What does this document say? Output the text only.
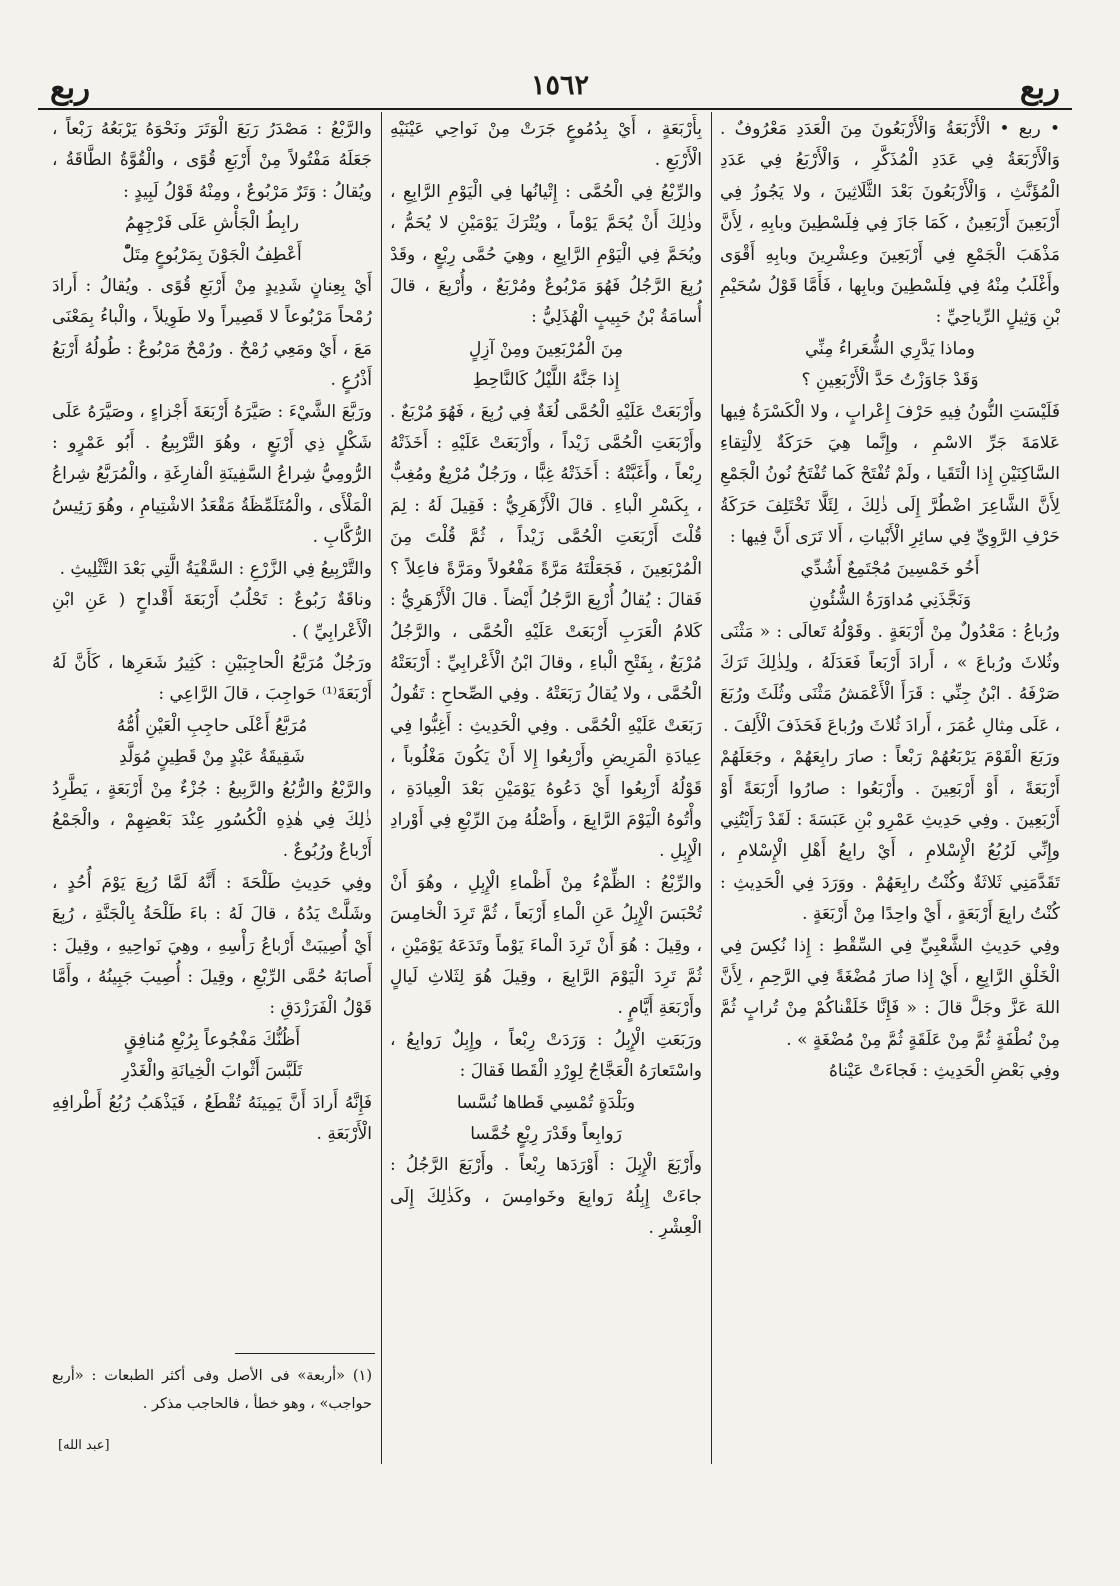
ربع
١٥٦٢
ربع

• ربع • الْأَرْبَعَةُ وَالْأَرْبَعُونَ مِنَ الْعَدَدِ مَعْرُوفٌ . وَالْأَرْبَعَةُ فِي عَدَدِ الْمُذَكَّرِ ، وَالْأَرْبَعُ فِي عَدَدِ الْمُؤَنَّثِ ، وَالْأَرْبَعُونَ بَعْدَ الثَّلَاثِينَ ، ولا يَجُوزُ فِي أَرْبَعِينَ أَرْبَعِينُ ، كَمَا جَازَ فِي فِلَسْطِينَ وبابِهِ ، لِأَنَّ مَذْهَبَ الْجَمْعِ فِي أَرْبَعِينَ وعِشْرِينَ وبابِهِ أَقْوَى وأَغْلَبُ مِنْهُ فِي فِلَسْطِينَ وبابِها ، فَأَمَّا قَوْلُ سُحَيْمِ بْنِ وَثِيلٍ الرِّياحِيِّ :

وماذا يَدَّرِي الشُّعَراءُ مِنِّي

وَقَدْ جَاوَزْتُ حَدَّ الْأَرْبَعِينِ ؟

فَلَيْسَتِ النُّونُ فِيهِ حَرْفَ إِعْرابٍ ، ولا الْكَسْرَةُ فِيها عَلامَةَ جَرِّ الاسْمِ ، وإِنَّما هِيَ حَرَكَةٌ لِالْتِقاءِ السَّاكِنَيْنِ إِذا الْتَقَيا ، ولَمْ تُفْتَحْ كَما تُفْتَحُ نُونُ الْجَمْعِ لِأَنَّ الشَّاعِرَ اضْطُرَّ إِلَى ذٰلِكَ ، لِئَلَّا تَخْتَلِفَ حَرَكَةُ حَرْفِ الرَّوِيِّ فِي سائِرِ الْأَبْياتِ ، أَلا تَرَى أَنَّ فِيها :

أَخُو خَمْسِينَ مُجْتَمِعٌ أَشُدِّي

وَنَجَّذَنِي مُداوَرَةُ الشُّئُونِ

ورُباعُ : مَعْدُولٌ مِنْ أَرْبَعَةٍ . وقَوْلُهُ تَعالَى : « مَثْنَى وثُلاثَ ورُباعَ » ، أَرادَ أَرْبَعاً فَعَدَلَهُ ، ولِذٰلِكَ تَرَكَ صَرْفَهُ . ابْنُ جِنِّي : قَرَأَ الْأَعْمَشُ مَثْنَى وثُلَثَ ورُبَعَ ، عَلَى مِثالِ عُمَرَ ، أَرادَ ثُلاثَ ورُباعَ فَحَذَفَ الْأَلِفَ .

ورَبَعَ الْقَوْمَ يَرْبَعُهُمْ رَبْعاً : صارَ رابِعَهُمْ ، وجَعَلَهُمْ أَرْبَعَةً ، أَوْ أَرْبَعِينَ . وأَرْبَعُوا : صارُوا أَرْبَعَةً أَوْ أَرْبَعِينَ . وفِي حَدِيثِ عَمْرِو بْنِ عَبَسَةَ : لَقَدْ رَأَيْتُنِي وإِنِّي لَرُبُعُ الْإِسْلامِ ، أَيْ رابِعُ أَهْلِ الْإِسْلامِ ، تَقَدَّمَنِي ثَلاثَةٌ وكُنْتُ رابِعَهُمْ . ووَرَدَ فِي الْحَدِيثِ : كُنْتُ رابِعَ أَرْبَعَةٍ ، أَيْ واحِدًا مِنْ أَرْبَعَةٍ .

وفِي حَدِيثِ الشَّعْبِيِّ فِي السِّقْطِ : إِذا نُكِسَ فِي الْخَلْقِ الرَّابِعِ ، أَيْ إِذا صارَ مُضْغَةً فِي الرَّحِمِ ، لِأَنَّ اللهَ عَزَّ وجَلَّ قالَ : « فَإِنَّا خَلَقْناكُمْ مِنْ تُرابٍ ثُمَّ مِنْ نُطْفَةٍ ثُمَّ مِنْ عَلَقَةٍ ثُمَّ مِنْ مُضْغَةٍ » .

وفِي بَعْضِ الْحَدِيثِ : فَجاءَتْ عَيْناهُ

بِأَرْبَعَةٍ ، أَيْ بِدُمُوعٍ جَرَتْ مِنْ نَواحِي عَيْنَيْهِ الْأَرْبَعِ .

والرِّبْعُ فِي الْحُمَّى : إِتْيانُها فِي الْيَوْمِ الرَّابِعِ ، وذٰلِكَ أَنْ يُحَمَّ يَوْماً ، ويُتْرَكَ يَوْمَيْنِ لا يُحَمُّ ، ويُحَمَّ فِي الْيَوْمِ الرَّابِعِ ، وهِيَ حُمَّى رِبْعٍ ، وقَدْ رُبِعَ الرَّجُلُ فَهُوَ مَرْبُوعٌ ومُرْبَعٌ ، وأُرْبِعَ ، قالَ أُسامَةُ بْنُ حَبِيبٍ الْهُذَلِيُّ :

مِنَ الْمُرْبَعِينَ ومِنْ آزِلٍ

إِذا جَنَّهُ اللَّيْلُ كَالنَّاحِطِ

وأَرْبَعَتْ عَلَيْهِ الْحُمَّى لُغَةٌ فِي رُبِعَ ، فَهُوَ مُرْبَعٌ . وأَرْبَعَتِ الْحُمَّى زَيْداً ، وأَرْبَعَتْ عَلَيْهِ : أَخَذَتْهُ رِبْعاً ، وأَغَبَّتْهُ : أَخَذَتْهُ غِبًّا ، ورَجُلٌ مُرْبِعٌ ومُغِبٌّ ، بِكَسْرِ الْباءِ . قالَ الْأَزْهَرِيُّ : فَقِيلَ لَهُ : لِمَ قُلْتَ أَرْبَعَتِ الْحُمَّى زَيْداً ، ثُمَّ قُلْتَ مِنَ الْمُرْبَعِينَ ، فَجَعَلْتَهُ مَرَّةً مَفْعُولاً ومَرَّةً فاعِلاً ؟ فَقالَ : يُقالُ أُرْبِعَ الرَّجُلُ أَيْضاً . قالَ الْأَزْهَرِيُّ : كَلامُ الْعَرَبِ أَرْبَعَتْ عَلَيْهِ الْحُمَّى ، والرَّجُلُ مُرْبَعٌ ، بِفَتْحِ الْباءِ ، وقالَ ابْنُ الْأَعْرابِيِّ : أَرْبَعَتْهُ الْحُمَّى ، ولا يُقالُ رَبَعَتْهُ . وفِي الصِّحاحِ : تَقُولُ رَبَعَتْ عَلَيْهِ الْحُمَّى . وفِي الْحَدِيثِ : أَغِبُّوا فِي عِيادَةِ الْمَرِيضِ وأَرْبِعُوا إِلا أَنْ يَكُونَ مَغْلُوباً ، قَوْلُهُ أَرْبِعُوا أَيْ دَعُوهُ يَوْمَيْنِ بَعْدَ الْعِيادَةِ ، وأْتُوهُ الْيَوْمَ الرَّابِعَ ، وأَصْلُهُ مِنَ الرِّبْعِ فِي أَوْرادِ الْإِبِلِ .

والرِّبْعُ : الظِّمْءُ مِنْ أَظْماءِ الْإِبِلِ ، وهُوَ أَنْ تُحْبَسَ الْإِبِلُ عَنِ الْماءِ أَرْبَعاً ، ثُمَّ تَرِدَ الْخامِسَ ، وقِيلَ : هُوَ أَنْ تَرِدَ الْماءَ يَوْماً وتَدَعَهُ يَوْمَيْنِ ، ثُمَّ تَرِدَ الْيَوْمَ الرَّابِعَ ، وقِيلَ هُوَ لِثَلاثِ لَيالٍ وأَرْبَعَةِ أَيَّامٍ .

ورَبَعَتِ الْإِبِلُ : وَرَدَتْ رِبْعاً ، وإِبِلٌ رَوابِعُ ، واسْتَعارَهُ الْعَجَّاجُ لِوِرْدِ الْقَطا فَقالَ :

وبَلْدَةٍ تُمْسِي قَطاها نُسَّسا

رَوابِعاً وقَدْرَ رِبْعٍ خُمَّسا

وأَرْبَعَ الْإِبِلَ : أَوْرَدَها رِبْعاً . وأَرْبَعَ الرَّجُلُ : جاءَتْ إِبِلُهُ رَوابِعَ وخَوامِسَ ، وكَذٰلِكَ إِلَى الْعِشْرِ .

والرَّبْعُ : مَصْدَرُ رَبَعَ الْوَتَرَ ونَحْوَهُ يَرْبَعُهُ رَبْعاً ، جَعَلَهُ مَفْتُولاً مِنْ أَرْبَعِ قُوًى ، والْقُوَّةُ الطَّاقَةُ ، ويُقالُ : وَتَرٌ مَرْبُوعٌ ، ومِنْهُ قَوْلُ لَبِيدٍ :

رابِطُ الْجَأْشِ عَلَى فَرْجِهِمُ

أَعْطِفُ الْجَوْنَ بِمَرْبُوعٍ مِتَلّْ

أَيْ بِعِنانٍ شَدِيدٍ مِنْ أَرْبَعِ قُوًى . ويُقالُ : أَرادَ رُمْحاً مَرْبُوعاً لا قَصِيراً ولا طَوِيلاً ، والْباءُ بِمَعْنَى مَعَ ، أَيْ ومَعِي رُمْحٌ . ورُمْحٌ مَرْبُوعٌ : طُولُهُ أَرْبَعُ أَذْرُعٍ .

ورَبَّعَ الشَّيْءَ : صَيَّرَهُ أَرْبَعَةَ أَجْزاءٍ ، وصَيَّرَهُ عَلَى شَكْلٍ ذِي أَرْبَعٍ ، وهُوَ التَّرْبِيعُ . أَبُو عَمْرٍو : الرُّومِيُّ شِراعُ السَّفِينَةِ الْفارِغَةِ ، والْمُرَبَّعُ شِراعُ الْمَلْأَى ، والْمُتَلَمِّظَةُ مَقْعَدُ الاشْتِيامِ ، وهُوَ رَئِيسُ الرُّكَّابِ .

والتَّرْبِيعُ فِي الزَّرْعِ : السَّقْيَةُ الَّتِي بَعْدَ التَّثْلِيثِ .

وناقَةٌ رَبُوعٌ : تَحْلُبُ أَرْبَعَةَ أَقْداحٍ ( عَنِ ابْنِ الْأَعْرابِيِّ ) .

ورَجُلٌ مُرَبَّعُ الْحاجِبَيْنِ : كَثِيرُ شَعَرِها ، كَأَنَّ لَهُ أَرْبَعَةَ⁽¹⁾ حَواجِبَ ، قالَ الرَّاعِي :

مُرَبَّعُ أَعْلَى حاجِبِ الْعَيْنِ أُمُّهُ

شَقِيقَةُ عَبْدٍ مِنْ قَطِينٍ مُوَلَّدِ

والرَّبْعُ والرُّبُعُ والرَّبِيعُ : جُزْءٌ مِنْ أَرْبَعَةٍ ، يَطَّرِدُ ذٰلِكَ فِي هٰذِهِ الْكُسُورِ عِنْدَ بَعْضِهِمْ ، والْجَمْعُ أَرْباعٌ ورُبُوعٌ .

وفِي حَدِيثِ طَلْحَةَ : أَنَّهُ لَمَّا رُبِعَ يَوْمَ أُحُدٍ ، وشَلَّتْ يَدُهُ ، قالَ لَهُ : باءَ طَلْحَةُ بِالْجَنَّةِ ، رُبِعَ أَيْ أُصِيبَتْ أَرْباعُ رَأْسِهِ ، وهِيَ نَواحِيهِ ، وقِيلَ : أَصابَهُ حُمَّى الرِّبْعِ ، وقِيلَ : أُصِيبَ جَبِينُهُ ، وأَمَّا قَوْلُ الْفَرَزْدَقِ :

أَظُنُّكَ مَفْجُوعاً بِرُبْعِ مُنافِقٍ

تَلَبَّسَ أَثْوابَ الْخِيانَةِ والْغَدْرِ

فَإِنَّهُ أَرادَ أَنَّ يَمِينَهُ تُقْطَعُ ، فَيَذْهَبُ رُبُعُ أَطْرافِهِ الْأَرْبَعَةِ .

(١) «أربعة» فى الأصل وفى أكثر الطبعات : «أربع حواجب» ، وهو خطأ ، فالحاجب مذكر .

[عبد الله]
